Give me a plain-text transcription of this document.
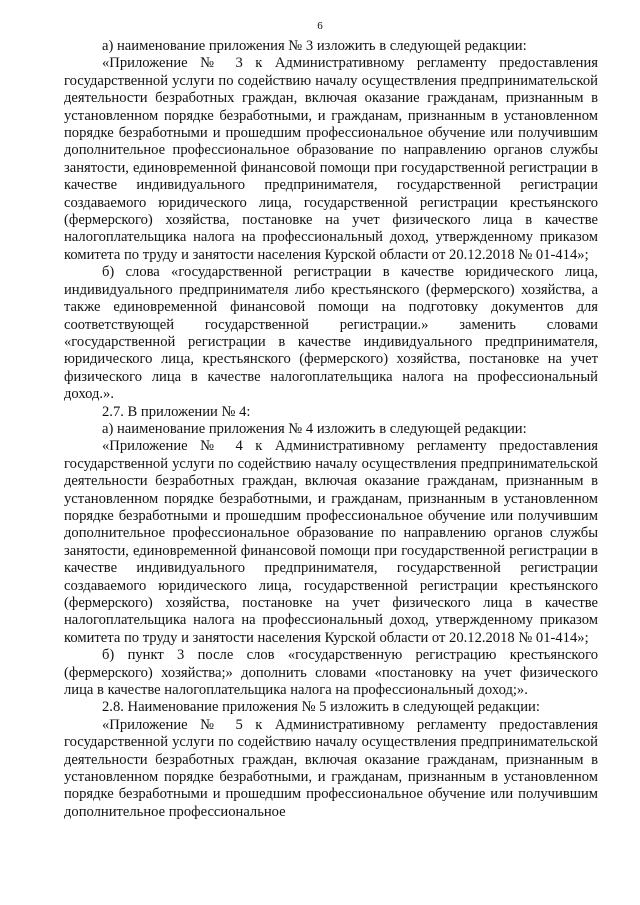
6

а) наименование приложения № 3 изложить в следующей редакции:

«Приложение № 3 к Административному регламенту предоставления государственной услуги по содействию началу осуществления предпринимательской деятельности безработных граждан, включая оказание гражданам, признанным в установленном порядке безработными, и гражданам, признанным в установленном порядке безработными и прошедшим профессиональное обучение или получившим дополнительное профессиональное образование по направлению органов службы занятости, единовременной финансовой помощи при государственной регистрации в качестве индивидуального предпринимателя, государственной регистрации создаваемого юридического лица, государственной регистрации крестьянского (фермерского) хозяйства, постановке на учет физического лица в качестве налогоплательщика налога на профессиональный доход, утвержденному приказом комитета по труду и занятости населения Курской области от 20.12.2018 № 01-414»;

б) слова «государственной регистрации в качестве юридического лица, индивидуального предпринимателя либо крестьянского (фермерского) хозяйства, а также единовременной финансовой помощи на подготовку документов для соответствующей государственной регистрации.» заменить словами «государственной регистрации в качестве индивидуального предпринимателя, юридического лица, крестьянского (фермерского) хозяйства, постановке на учет физического лица в качестве налогоплательщика налога на профессиональный доход.».

2.7. В приложении № 4:

а) наименование приложения № 4 изложить в следующей редакции:

«Приложение № 4 к Административному регламенту предоставления государственной услуги по содействию началу осуществления предпринимательской деятельности безработных граждан, включая оказание гражданам, признанным в установленном порядке безработными, и гражданам, признанным в установленном порядке безработными и прошедшим профессиональное обучение или получившим дополнительное профессиональное образование по направлению органов службы занятости, единовременной финансовой помощи при государственной регистрации в качестве индивидуального предпринимателя, государственной регистрации создаваемого юридического лица, государственной регистрации крестьянского (фермерского) хозяйства, постановке на учет физического лица в качестве налогоплательщика налога на профессиональный доход, утвержденному приказом комитета по труду и занятости населения Курской области от 20.12.2018 № 01-414»;

б) пункт 3 после слов «государственную регистрацию крестьянского (фермерского) хозяйства;» дополнить словами «постановку на учет физического лица в качестве налогоплательщика налога на профессиональный доход;».

2.8. Наименование приложения № 5 изложить в следующей редакции:

«Приложение № 5 к Административному регламенту предоставления государственной услуги по содействию началу осуществления предпринимательской деятельности безработных граждан, включая оказание гражданам, признанным в установленном порядке безработными, и гражданам, признанным в установленном порядке безработными и прошедшим профессиональное обучение или получившим дополнительное профессиональное
